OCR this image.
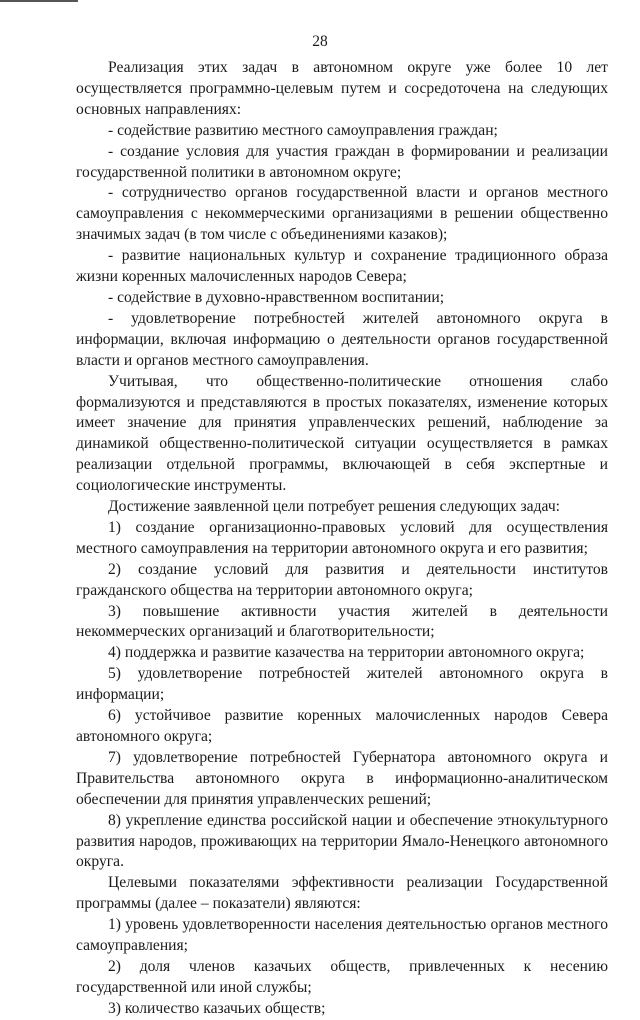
28

Реализация этих задач в автономном округе уже более 10 лет осуществляется программно-целевым путем и сосредоточена на следующих основных направлениях:

- содействие развитию местного самоуправления граждан;

- создание условия для участия граждан в формировании и реализации государственной политики в автономном округе;

- сотрудничество органов государственной власти и органов местного самоуправления с некоммерческими организациями в решении общественно значимых задач (в том числе с объединениями казаков);

- развитие национальных культур и сохранение традиционного образа жизни коренных малочисленных народов Севера;

- содействие в духовно-нравственном воспитании;

- удовлетворение потребностей жителей автономного округа в информации, включая информацию о деятельности органов государственной власти и органов местного самоуправления.

Учитывая, что общественно-политические отношения слабо формализуются и представляются в простых показателях, изменение которых имеет значение для принятия управленческих решений, наблюдение за динамикой общественно-политической ситуации осуществляется в рамках реализации отдельной программы, включающей в себя экспертные и социологические инструменты.

Достижение заявленной цели потребует решения следующих задач:

1) создание организационно-правовых условий для осуществления местного самоуправления на территории автономного округа и его развития;

2) создание условий для развития и деятельности институтов гражданского общества на территории автономного округа;

3) повышение активности участия жителей в деятельности некоммерческих организаций и благотворительности;

4) поддержка и развитие казачества на территории автономного округа;

5) удовлетворение потребностей жителей автономного округа в информации;

6) устойчивое развитие коренных малочисленных народов Севера автономного округа;

7) удовлетворение потребностей Губернатора автономного округа и Правительства автономного округа в информационно-аналитическом обеспечении для принятия управленческих решений;

8) укрепление единства российской нации и обеспечение этнокультурного развития народов, проживающих на территории Ямало-Ненецкого автономного округа.

Целевыми показателями эффективности реализации Государственной программы (далее – показатели) являются:

1) уровень удовлетворенности населения деятельностью органов местного самоуправления;

2) доля членов казачьих обществ, привлеченных к несению государственной или иной службы;

3) количество казачьих обществ;
